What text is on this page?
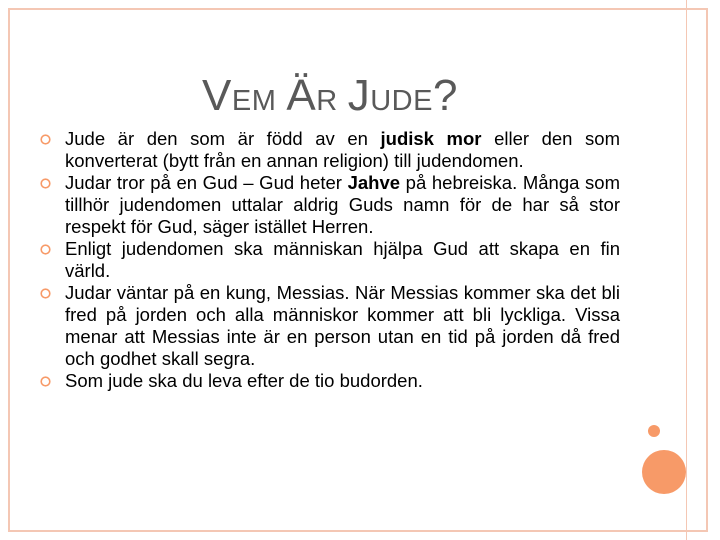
VEM ÄR JUDE?
Jude är den som är född av en judisk mor eller den som konverterat (bytt från en annan religion) till judendomen.
Judar tror på en Gud – Gud heter Jahve på hebreiska. Många som tillhör judendomen uttalar aldrig Guds namn för de har så stor respekt för Gud, säger istället Herren.
Enligt judendomen ska människan hjälpa Gud att skapa en fin värld.
Judar väntar på en kung, Messias. När Messias kommer ska det bli fred på jorden och alla människor kommer att bli lyckliga. Vissa menar att Messias inte är en person utan en tid på jorden då fred och godhet skall segra.
Som jude ska du leva efter de tio budorden.
